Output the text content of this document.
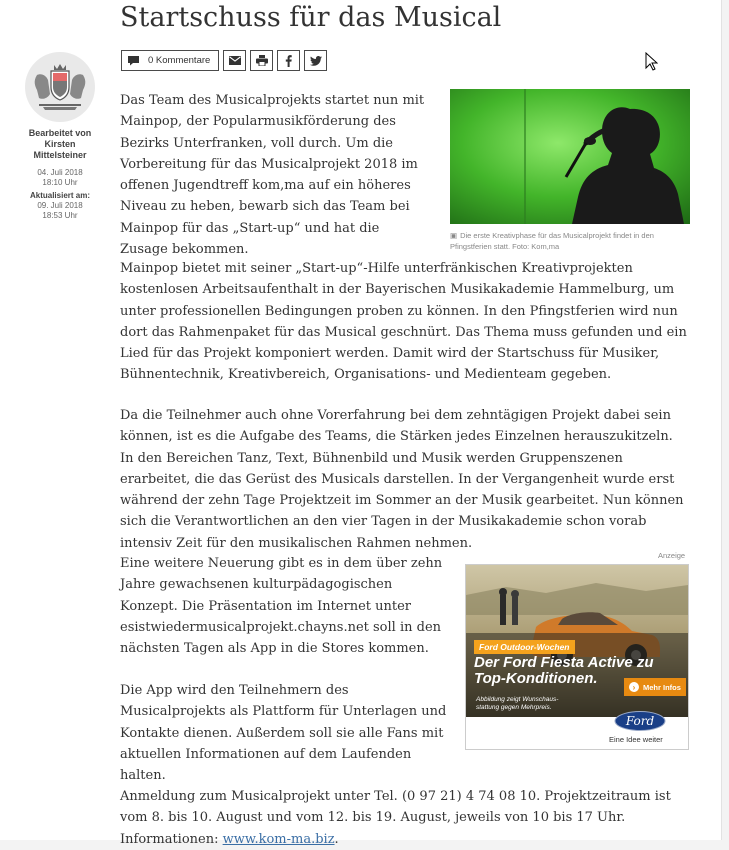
Startschuss für das Musical
0 Kommentare
Bearbeitet von
Kirsten Mittelsteiner
04. Juli 2018
18:10 Uhr
Aktualisiert am:
09. Juli 2018
18:53 Uhr

Das Team des Musicalprojekts startet nun mit Mainpop, der Popularmusikförderung des Bezirks Unterfranken, voll durch. Um die Vorbereitung für das Musicalprojekt 2018 im offenen Jugendtreff kom,ma auf ein höheres Niveau zu heben, bewarb sich das Team bei Mainpop für das „Start-up“ und hat die Zusage bekommen.

▣ Die erste Kreativphase für das Musicalprojekt findet in den Pfingstferien statt. Foto: Kom,ma

Mainpop bietet mit seiner „Start-up“-Hilfe unterfränkischen Kreativprojekten kostenlosen Arbeitsaufenthalt in der Bayerischen Musikakademie Hammelburg, um unter professionellen Bedingungen proben zu können. In den Pfingstferien wird nun dort das Rahmenpaket für das Musical geschnürt. Das Thema muss gefunden und ein Lied für das Projekt komponiert werden. Damit wird der Startschuss für Musiker, Bühnentechnik, Kreativbereich, Organisations- und Medienteam gegeben.

Da die Teilnehmer auch ohne Vorerfahrung bei dem zehntägigen Projekt dabei sein können, ist es die Aufgabe des Teams, die Stärken jedes Einzelnen herauszukitzeln. In den Bereichen Tanz, Text, Bühnenbild und Musik werden Gruppenszenen erarbeitet, die das Gerüst des Musicals darstellen. In der Vergangenheit wurde erst während der zehn Tage Projektzeit im Sommer an der Musik gearbeitet. Nun können sich die Verantwortlichen an den vier Tagen in der Musikakademie schon vorab intensiv Zeit für den musikalischen Rahmen nehmen.

Eine weitere Neuerung gibt es in dem über zehn Jahre gewachsenen kulturpädagogischen Konzept. Die Präsentation im Internet unter esistwiedermusicalprojekt.chayns.net soll in den nächsten Tagen als App in die Stores kommen.

Die App wird den Teilnehmern des Musicalprojekts als Plattform für Unterlagen und Kontakte dienen. Außerdem soll sie alle Fans mit aktuellen Informationen auf dem Laufenden halten.

Anmeldung zum Musicalprojekt unter Tel. (0 97 21) 4 74 08 10. Projektzeitraum ist vom 8. bis 10. August und vom 12. bis 19. August, jeweils von 10 bis 17 Uhr. Informationen: www.kom-ma.biz.

Anzeige
Ford Outdoor-Wochen
Der Ford Fiesta Active zu
Top-Konditionen.
Abbildung zeigt Wunschaus-
stattung gegen Mehrpreis.
›	Mehr Infos
Ford
Eine Idee weiter
